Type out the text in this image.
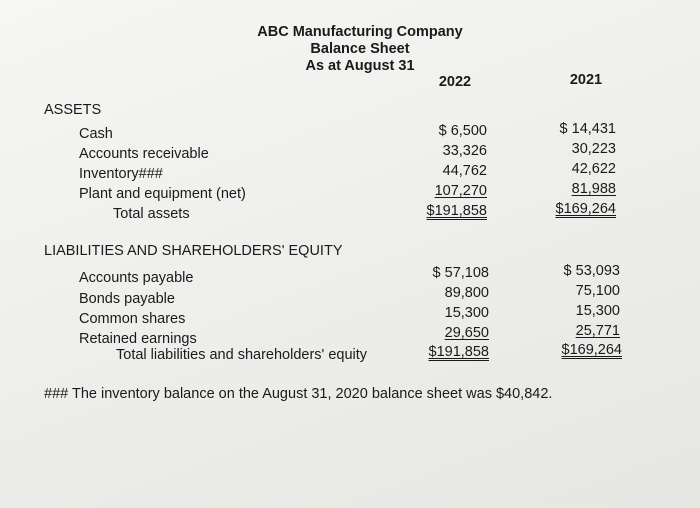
ABC Manufacturing Company
Balance Sheet
As at August 31
2022	2021
ASSETS
Cash	$ 6,500	$ 14,431
Accounts receivable	33,326	30,223
Inventory###	44,762	42,622
Plant and equipment (net)	107,270	81,988
Total assets	$191,858	$169,264
LIABILITIES AND SHAREHOLDERS' EQUITY
Accounts payable	$ 57,108	$ 53,093
Bonds payable	89,800	75,100
Common shares	15,300	15,300
Retained earnings	29,650	25,771
Total liabilities and shareholders' equity	$191,858	$169,264
### The inventory balance on the August 31, 2020 balance sheet was $40,842.
